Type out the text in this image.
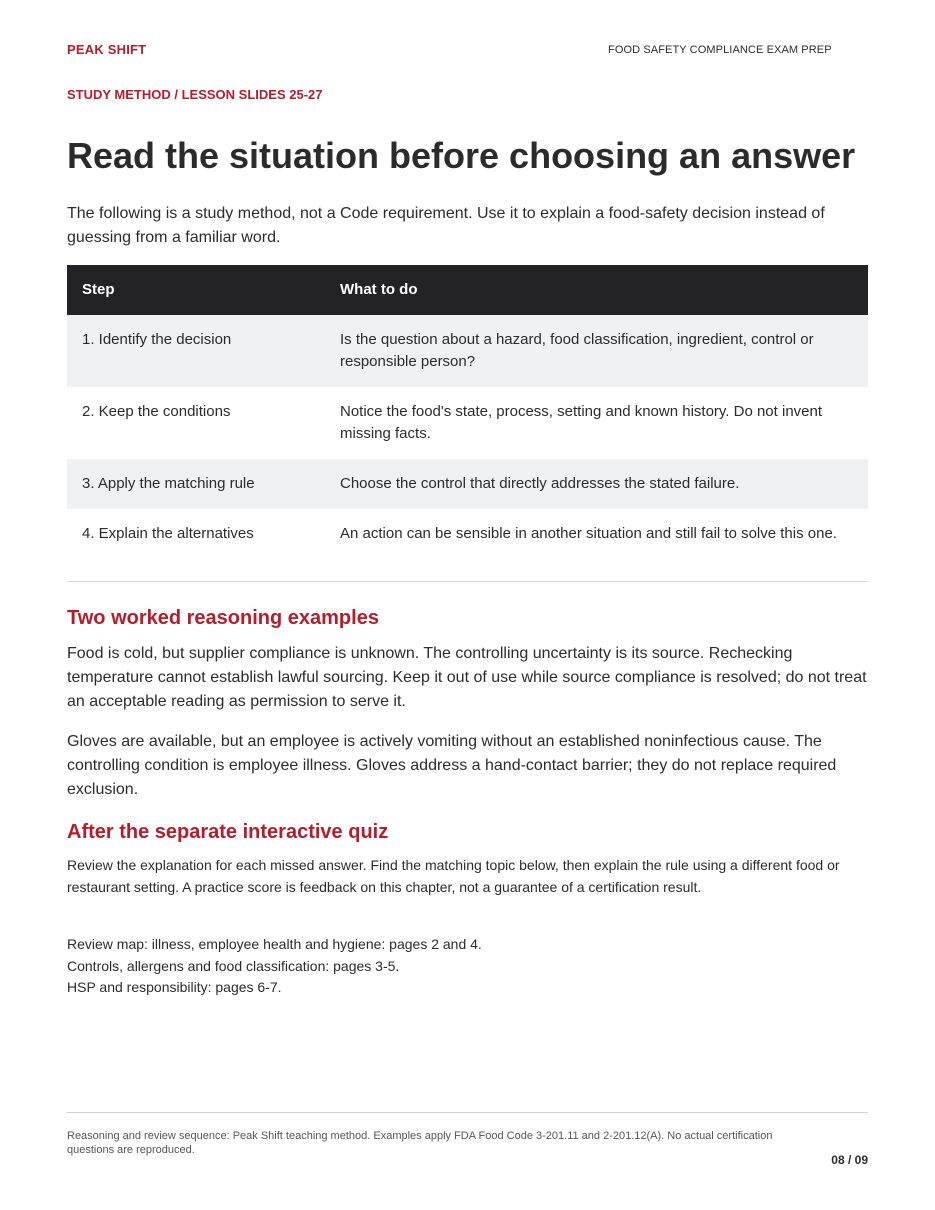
PEAK SHIFT	FOOD SAFETY COMPLIANCE EXAM PREP
STUDY METHOD / LESSON SLIDES 25-27
Read the situation before choosing an answer

The following is a study method, not a Code requirement. Use it to explain a food-safety decision instead of guessing from a familiar word.

Step	What to do
1. Identify the decision	Is the question about a hazard, food classification, ingredient, control or responsible person?
2. Keep the conditions	Notice the food's state, process, setting and known history. Do not invent missing facts.
3. Apply the matching rule	Choose the control that directly addresses the stated failure.
4. Explain the alternatives	An action can be sensible in another situation and still fail to solve this one.
Two worked reasoning examples

Food is cold, but supplier compliance is unknown. The controlling uncertainty is its source. Rechecking temperature cannot establish lawful sourcing. Keep it out of use while source compliance is resolved; do not treat an acceptable reading as permission to serve it.

Gloves are available, but an employee is actively vomiting without an established noninfectious cause. The controlling condition is employee illness. Gloves address a hand-contact barrier; they do not replace required exclusion.

After the separate interactive quiz

Review the explanation for each missed answer. Find the matching topic below, then explain the rule using a different food or restaurant setting. A practice score is feedback on this chapter, not a guarantee of a certification result.

Review map: illness, employee health and hygiene: pages 2 and 4.
Controls, allergens and food classification: pages 3-5.
HSP and responsibility: pages 6-7.

Reasoning and review sequence: Peak Shift teaching method. Examples apply FDA Food Code 3-201.11 and 2-201.12(A). No actual certification questions are reproduced.

08 / 09
